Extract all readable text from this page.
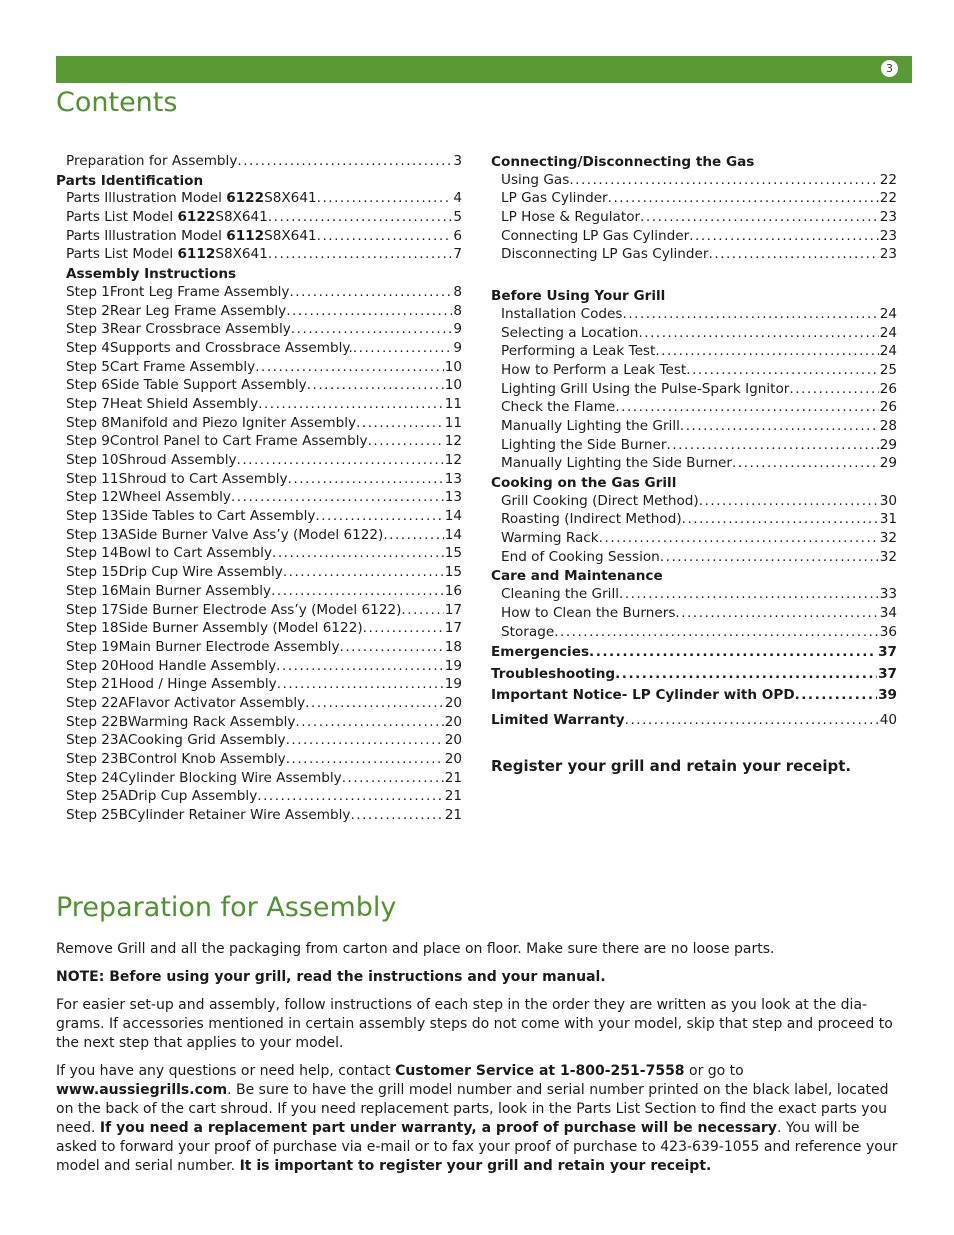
3
Contents
Preparation for Assembly .....	3
Parts Identification
Parts Illustration Model 6122S8X641 .....	4
Parts List Model 6122S8X641 .....	5
Parts Illustration Model 6112S8X641 .....	6
Parts List Model 6112S8X641 .....	7
Assembly Instructions
Step 1 Front Leg Frame Assembly .....	8
Step 2 Rear Leg Frame Assembly .....	8
Step 3 Rear Crossbrace Assembly .....	9
Step 4 Supports and Crossbrace Assembly. .....	9
Step 5 Cart Frame Assembly .....	10
Step 6 Side Table Support Assembly .....	10
Step 7 Heat Shield Assembly .....	11
Step 8 Manifold and Piezo Igniter Assembly .....	11
Step 9 Control Panel to Cart Frame Assembly .....	12
Step 10 Shroud Assembly .....	12
Step 11 Shroud to Cart Assembly .....	13
Step 12 Wheel Assembly .....	13
Step 13 Side Tables to Cart Assembly .....	14
Step 13A Side Burner Valve Ass’y (Model 6122) .....	14
Step 14 Bowl to Cart Assembly .....	15
Step 15 Drip Cup Wire Assembly .....	15
Step 16 Main Burner Assembly .....	16
Step 17 Side Burner Electrode Ass’y (Model 6122) .....	17
Step 18 Side Burner Assembly (Model 6122) .....	17
Step 19 Main Burner Electrode Assembly .....	18
Step 20 Hood Handle Assembly .....	19
Step 21 Hood / Hinge Assembly .....	19
Step 22A Flavor Activator Assembly .....	20
Step 22B Warming Rack Assembly .....	20
Step 23A Cooking Grid Assembly .....	20
Step 23B Control Knob Assembly .....	20
Step 24 Cylinder Blocking Wire Assembly .....	21
Step 25A Drip Cup Assembly .....	21
Step 25B Cylinder Retainer Wire Assembly .....	21
Connecting/Disconnecting the Gas
Using Gas .....	22
LP Gas Cylinder .....	22
LP Hose & Regulator .....	23
Connecting LP Gas Cylinder .....	23
Disconnecting LP Gas Cylinder .....	23
Before Using Your Grill
Installation Codes .....	24
Selecting a Location .....	24
Performing a Leak Test .....	24
How to Perform a Leak Test .....	25
Lighting Grill Using the Pulse-Spark Ignitor .....	26
Check the Flame .....	26
Manually Lighting the Grill .....	28
Lighting the Side Burner .....	29
Manually Lighting the Side Burner .....	29
Cooking on the Gas Grill
Grill Cooking (Direct Method) .....	30
Roasting (Indirect Method) .....	31
Warming Rack .....	32
End of Cooking Session .....	32
Care and Maintenance
Cleaning the Grill .....	33
How to Clean the Burners .....	34
Storage .....	36
Emergencies .....	37
Troubleshooting .....	37
Important Notice- LP Cylinder with OPD .....	39
Limited Warranty .....	40
Register your grill and retain your receipt.
Preparation for Assembly

Remove Grill and all the packaging from carton and place on floor. Make sure there are no loose parts.

NOTE: Before using your grill, read the instructions and your manual.

For easier set-up and assembly, follow instructions of each step in the order they are written as you look at the dia-grams. If accessories mentioned in certain assembly steps do not come with your model, skip that step and proceed to the next step that applies to your model.

If you have any questions or need help, contact Customer Service at 1-800-251-7558 or go to www.aussiegrills.com. Be sure to have the grill model number and serial number printed on the black label, located on the back of the cart shroud. If you need replacement parts, look in the Parts List Section to find the exact parts you need. If you need a replacement part under warranty, a proof of purchase will be necessary. You will be asked to forward your proof of purchase via e-mail or to fax your proof of purchase to 423-639-1055 and reference your model and serial number. It is important to register your grill and retain your receipt.
